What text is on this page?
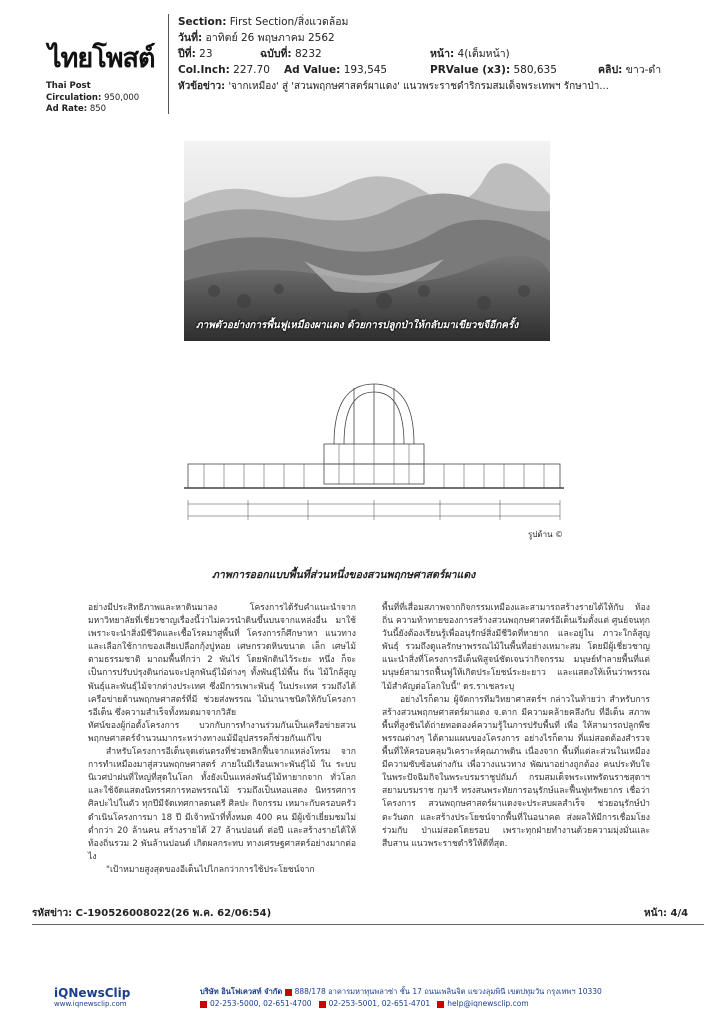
ไทยโพสต์
Thai Post
Circulation: 950,000
Ad Rate: 850
Section: First Section/สิ่งแวดล้อม
วันที่: อาทิตย์ 26 พฤษภาคม 2562
ปีที่: 23	ฉบับที่: 8232	หน้า: 4(เต็มหน้า)
Col.Inch: 227.70 Ad Value: 193,545	PRValue (x3): 580,635	คลิป: ขาว-ดำ
หัวข้อข่าว: 'จากเหมือง' สู่ 'สวนพฤกษศาสตร์ผาแดง' แนวพระราชดำริกรมสมเด็จพระเทพฯ รักษาป่า...
ภาพตัวอย่างการพื้นฟูเหมืองผาแดง ด้วยการปลูกป่าให้กลับมาเขียวขจีอีกครั้ง
รูปด้าน ©
ภาพการออกแบบพื้นที่ส่วนหนึ่งของสวนพฤกษศาสตร์ผาแดง

อย่างมีประสิทธิภาพและหาดินมาลง โครงการได้รับคำแนะนำจาก มหาวิทยาลัยที่เชี่ยวชาญเรื่องนี้ว่าไม่ควรนำดินขึ้นบนจากแหล่งอื่น มาใช้ เพราะจะนำสิ่งมีชีวิตและเชื้อโรคมาสู่พื้นที่ โครงการก็ศึกษาหา แนวทางและเลือกใช้กากของเสียเปลือกกุ้งปูหอย เศษกรวดหินขนาด เล็ก เศษไม้ตามธรรมชาติ มาถมพื้นที่กว่า 2 พันไร่ โดยพักดินไว้ระยะ หนึ่ง ก็จะเป็นการปรับปรุงดินก่อนจะปลูกพันธุ์ไม้ต่างๆ ทั้งพันธุ์ไม้พื้น ถิ่น ไม้ใกล้สูญพันธุ์และพันธุ์ไม้จากต่างประเทศ ซึ่งมีการเพาะพันธุ์ ในประเทศ รวมถึงได้เครือข่ายด้านพฤกษศาสตร์ที่มี ช่วยส่งพรรณ ไม้นานาชนิดให้กับโครงการอีเด็น ซึ่งความสำเร็จทั้งหมดมาจากวิสัย

ทัศน์ของผู้ก่อตั้งโครงการ บวกกับการทำงานร่วมกันเป็นเครือข่ายสวน พฤกษศาสตร์จำนวนมากระหว่างทางแม้มีอุปสรรคก็ช่วยกันแก้ไข

สำหรับโครงการอีเด็นจุดเด่นตรงที่ช่วยพลิกฟื้นจากแหล่งโทรม จากการทำเหมืองมาสู่สวนพฤกษศาสตร์ ภายในมีเรือนเพาะพันธุ์ไม้ ใน ระบบนิเวศป่าฝนที่ใหญ่ที่สุดในโลก ทั้งยังเป็นแหล่งพันธุ์ไม้หายากจาก ทั่วโลกและใช้จัดแสดงนิทรรศการหอพรรณไม้ รวมถึงเป็นหอแสดง นิทรรศการศิลปะไปในตัว ทุกปีมีจัดเทศกาลดนตรี ศิลปะ กิจกรรม เหมาะกับครอบครัว ดำเนินโครงการมา 18 ปี มีเจ้าหน้าที่ทั้งหมด 400 คน มีผู้เข้าเยี่ยมชมไม่ต่ำกว่า 20 ล้านคน สร้างรายได้ 27 ล้านปอนด์ ต่อปี และสร้างรายได้ให้ท้องถิ่นรวม 2 พันล้านปอนด์ เกิดผลกระทบ ทางเศรษฐศาสตร์อย่างมากต่อไง

"เป้าหมายสูงสุดของอีเด็นไปไกลกว่าการใช้ประโยชน์จาก

พื้นที่ที่เสื่อมสภาพจากกิจกรรมเหมืองและสามารถสร้างรายได้ให้กับ ท้องถิ่น ความท้าทายของการสร้างสวนพฤกษศาสตร์อีเด็นเริ่มตั้งแต่ ศูนย์จนทุกวันนี้ยังต้องเรียนรู้เพื่ออนุรักษ์สิ่งมีชีวิตที่หายาก และอยู่ใน ภาวะใกล้สูญพันธุ์ รวมถึงดูแลรักษาพรรณไม้ในพื้นที่อย่างเหมาะสม โดยมีผู้เชี่ยวชาญแนะนำสิ่งที่โครงการอีเด็นพิสูจน์ชัดเจนว่ากิจกรรม มนุษย์ทำลายพื้นที่แต่มนุษย์สามารถฟื้นฟูให้เกิดประโยชน์ระยะยาว และแสดงให้เห็นว่าพรรณไม้สำคัญต่อโลกใบนี้" ดร.ราเชลระบุ

อย่างไรก็ตาม ผู้จัดการทีมวิทยาศาสตร์ฯ กล่าวในท้ายว่า สำหรับการสร้างสวนพฤกษศาสตร์ผาแดง จ.ตาก มีความคล้ายคลึงกับ ที่อีเด็น สภาพพื้นที่สูงชันได้ถ่ายทอดองค์ความรู้ในการปรับพื้นที่ เพื่อ ให้สามารถปลูกพืชพรรณต่างๆ ได้ตามแผนของโครงการ อย่างไรก็ตาม ที่แม่สอดต้องสำรวจพื้นที่ให้ครอบคลุมวิเคราะห์คุณภาพดิน เนื่องจาก พื้นที่แต่ละส่วนในเหมืองมีความซับซ้อนต่างกัน เพื่อวางแนวทาง พัฒนาอย่างถูกต้อง คนประทับใจในพระปัจฉิมกิจในพระบรมราชูปถัมภ์ กรมสมเด็จพระเทพรัตนราชสุดาฯ สยามบรมราช กุมารี ทรงสนพระทัยการอนุรักษ์และฟื้นฟูทรัพยากร เชื่อว่าโครงการ สวนพฤกษศาสตร์ผาแดงจะประสบผลสำเร็จ ช่วยอนุรักษ์ป่าตะวันตก และสร้างประโยชน์จากพื้นที่ในอนาคต ส่งผลให้มีการเชื่อมโยงร่วมกับ ป่าแม่สอดโดยรอบ เพราะทุกฝ่ายทำงานด้วยความมุ่งมั่นและสืบสาน แนวพระราชดำริให้ดีที่สุด.

รหัสข่าว: C-190526008022(26 พ.ค. 62/06:54)	หน้า: 4/4
iQNewsClip
www.iqnewsclip.com
บริษัท อินโฟเควสท์ จำกัด 888/178 อาคารมหาทุนพลาซ่า ชั้น 17 ถนนเพลินจิต แขวงลุมพินี เขตปทุมวัน กรุงเทพฯ 10330
02-253-5000, 02-651-4700 02-253-5001, 02-651-4701 help@iqnewsclip.com
